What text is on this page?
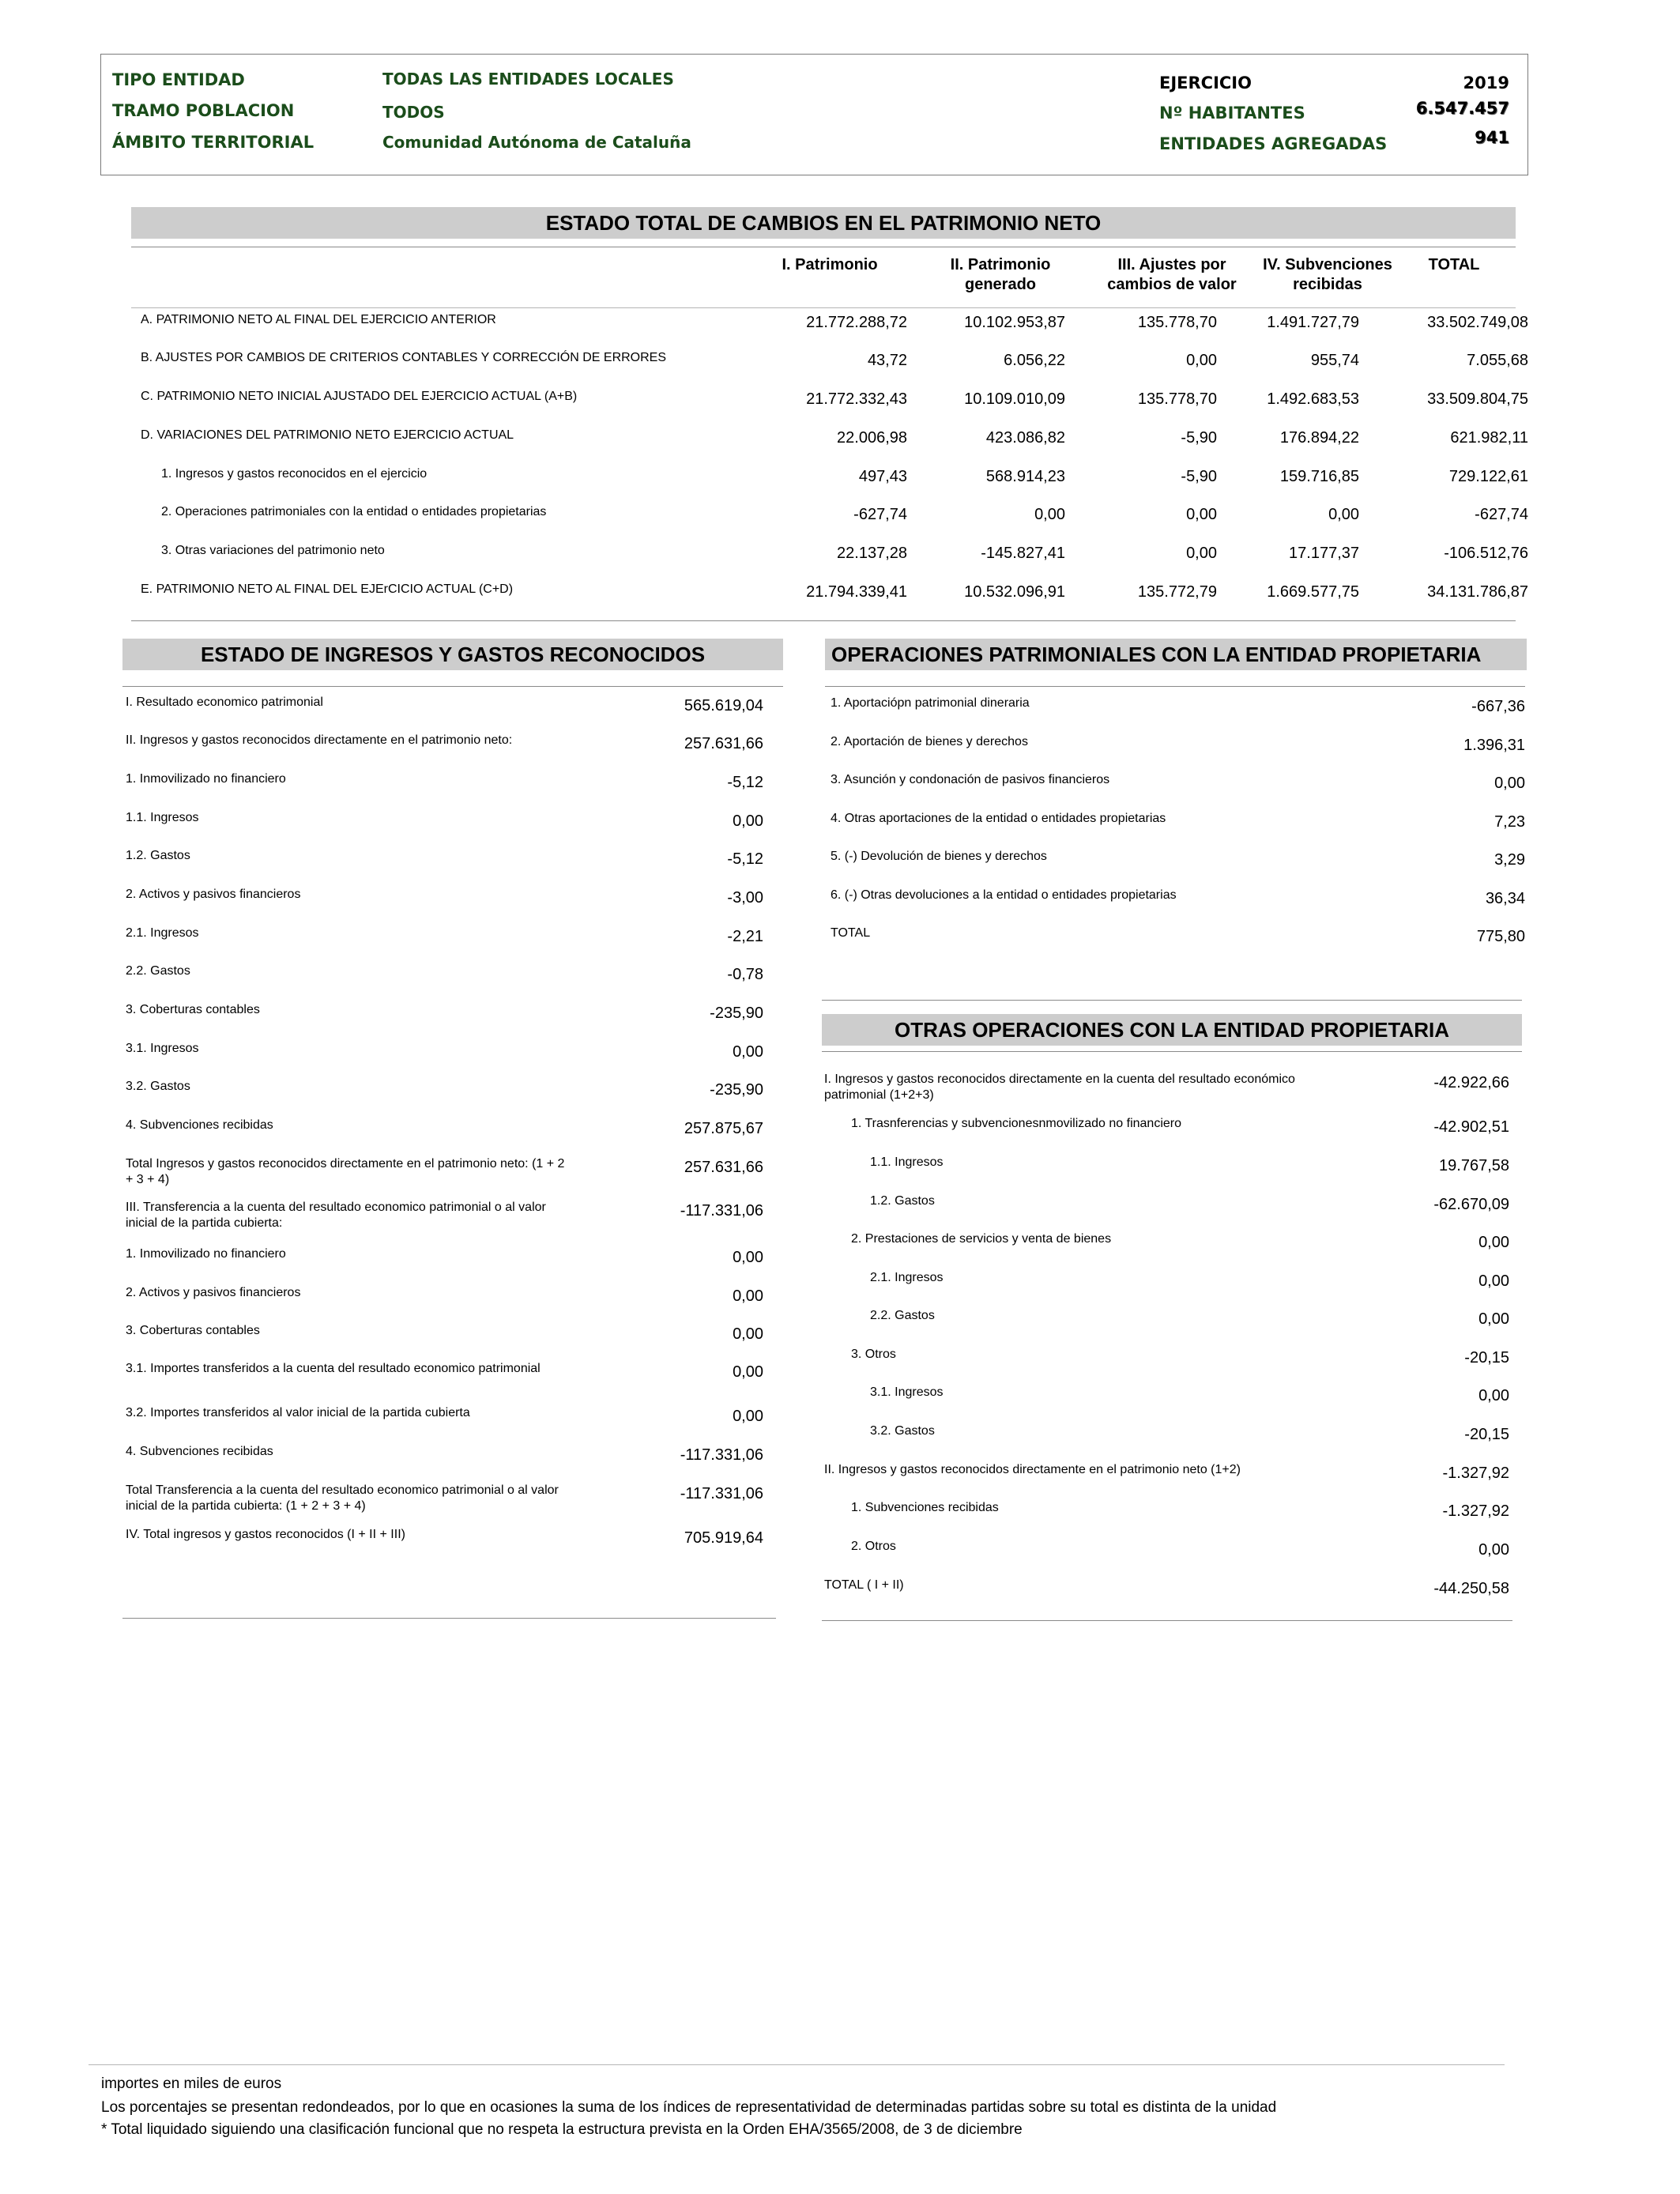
TIPO ENTIDAD	TODAS LAS ENTIDADES LOCALES
TRAMO POBLACION	TODOS
ÁMBITO TERRITORIAL	Comunidad Autónoma de Cataluña
EJERCICIO	2019
Nº HABITANTES	6.547.457
ENTIDADES AGREGADAS	941
ESTADO TOTAL DE CAMBIOS EN EL PATRIMONIO NETO
I. Patrimonio	II. Patrimonio generado
III. Ajustes por cambios de valor
IV. Subvenciones recibidas
TOTAL
A. PATRIMONIO NETO AL FINAL DEL EJERCICIO ANTERIOR	21.772.288,72	10.102.953,87	135.778,70	1.491.727,79	33.502.749,08
B. AJUSTES POR CAMBIOS DE CRITERIOS CONTABLES Y CORRECCIÓN DE ERRORES	43,72	6.056,22	0,00	955,74	7.055,68
C. PATRIMONIO NETO INICIAL AJUSTADO DEL EJERCICIO ACTUAL (A+B)	21.772.332,43	10.109.010,09	135.778,70	1.492.683,53	33.509.804,75
D. VARIACIONES DEL PATRIMONIO NETO EJERCICIO ACTUAL	22.006,98	423.086,82	-5,90	176.894,22	621.982,11
1. Ingresos y gastos reconocidos en el ejercicio	497,43	568.914,23	-5,90	159.716,85	729.122,61
2. Operaciones patrimoniales con la entidad o entidades propietarias	-627,74	0,00	0,00	0,00	-627,74
3. Otras variaciones del patrimonio neto	22.137,28	-145.827,41	0,00	17.177,37	-106.512,76
E. PATRIMONIO NETO AL FINAL DEL EJErCICIO ACTUAL (C+D)	21.794.339,41	10.532.096,91	135.772,79	1.669.577,75	34.131.786,87
ESTADO DE INGRESOS Y GASTOS RECONOCIDOS
I. Resultado economico patrimonial	565.619,04
II. Ingresos y gastos reconocidos directamente en el patrimonio neto:	257.631,66
1. Inmovilizado no financiero	-5,12
1.1. Ingresos	0,00
1.2. Gastos	-5,12
2. Activos y pasivos financieros	-3,00
2.1. Ingresos	-2,21
2.2. Gastos	-0,78
3. Coberturas contables	-235,90
3.1. Ingresos	0,00
3.2. Gastos	-235,90
4. Subvenciones recibidas	257.875,67
Total Ingresos y gastos reconocidos directamente en el patrimonio neto: (1 + 2 + 3 + 4)
257.631,66
III. Transferencia a la cuenta del resultado economico patrimonial o al valor inicial de la partida cubierta:
-117.331,06
1. Inmovilizado no financiero	0,00
2. Activos y pasivos financieros	0,00
3. Coberturas contables	0,00
3.1. Importes transferidos a la cuenta del resultado economico patrimonial	0,00
3.2. Importes transferidos al valor inicial de la partida cubierta	0,00
4. Subvenciones recibidas	-117.331,06
Total Transferencia a la cuenta del resultado economico patrimonial o al valor inicial de la partida cubierta: (1 + 2 + 3 + 4)
-117.331,06
IV. Total ingresos y gastos reconocidos (I + II + III)	705.919,64
OPERACIONES PATRIMONIALES CON LA ENTIDAD PROPIETARIA
1. Aportaciópn patrimonial dineraria	-667,36
2. Aportación de bienes y derechos	1.396,31
3. Asunción y condonación de pasivos financieros	0,00
4. Otras aportaciones de la entidad o entidades propietarias	7,23
5. (-) Devolución de bienes y derechos	3,29
6. (-) Otras devoluciones a la entidad o entidades propietarias	36,34
TOTAL	775,80
OTRAS OPERACIONES CON LA ENTIDAD PROPIETARIA
I. Ingresos y gastos reconocidos directamente en la cuenta del resultado económico patrimonial (1+2+3)
-42.922,66
1. Trasnferencias y subvencionesnmovilizado no financiero	-42.902,51
1.1. Ingresos	19.767,58
1.2. Gastos	-62.670,09
2. Prestaciones de servicios y venta de bienes	0,00
2.1. Ingresos	0,00
2.2. Gastos	0,00
3. Otros	-20,15
3.1. Ingresos	0,00
3.2. Gastos	-20,15
II. Ingresos y gastos reconocidos directamente en el patrimonio neto (1+2)	-1.327,92
1. Subvenciones recibidas	-1.327,92
2. Otros	0,00
TOTAL ( I + II)	-44.250,58
importes en miles de euros
Los porcentajes se presentan redondeados, por lo que en ocasiones la suma de los índices de representatividad de determinadas partidas sobre su total es distinta de la unidad
* Total liquidado siguiendo una clasificación funcional que no respeta la estructura prevista en la Orden EHA/3565/2008, de 3 de diciembre
